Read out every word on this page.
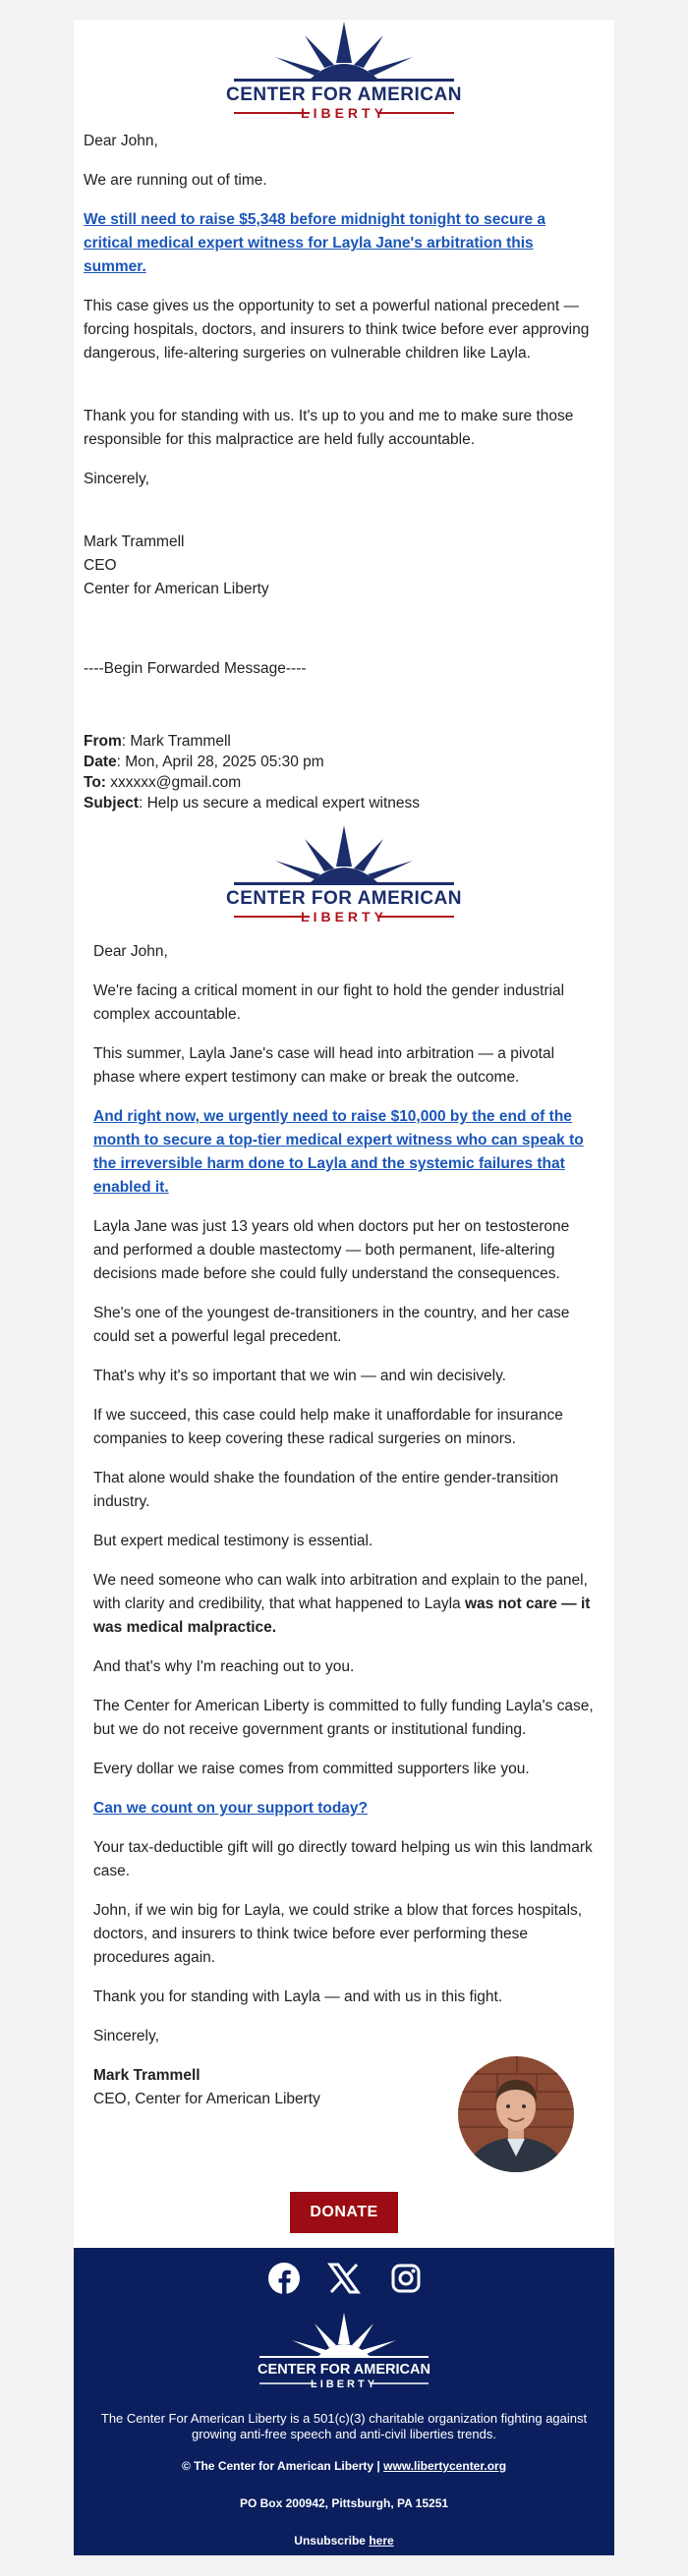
CENTER FOR AMERICAN
LIBERTY
Dear John,
We are running out of time.
We still need to raise $5,348 before midnight tonight to secure a critical medical expert witness for Layla Jane's arbitration this summer.
This case gives us the opportunity to set a powerful national precedent — forcing hospitals, doctors, and insurers to think twice before ever approving dangerous, life-altering surgeries on vulnerable children like Layla.
Thank you for standing with us. It's up to you and me to make sure those responsible for this malpractice are held fully accountable.
Sincerely,
Mark Trammell
CEO
Center for American Liberty
----Begin Forwarded Message----
From: Mark Trammell
Date: Mon, April 28, 2025 05:30 pm
To: xxxxxx@gmail.com
Subject: Help us secure a medical expert witness
CENTER FOR AMERICAN
LIBERTY
Dear John,
We're facing a critical moment in our fight to hold the gender industrial complex accountable.
This summer, Layla Jane's case will head into arbitration — a pivotal phase where expert testimony can make or break the outcome.
And right now, we urgently need to raise $10,000 by the end of the month to secure a top-tier medical expert witness who can speak to the irreversible harm done to Layla and the systemic failures that enabled it.
Layla Jane was just 13 years old when doctors put her on testosterone and performed a double mastectomy — both permanent, life-altering decisions made before she could fully understand the consequences.
She's one of the youngest de-transitioners in the country, and her case could set a powerful legal precedent.
That's why it's so important that we win — and win decisively.
If we succeed, this case could help make it unaffordable for insurance companies to keep covering these radical surgeries on minors.
That alone would shake the foundation of the entire gender-transition industry.
But expert medical testimony is essential.
We need someone who can walk into arbitration and explain to the panel, with clarity and credibility, that what happened to Layla was not care — it was medical malpractice.
And that's why I'm reaching out to you.
The Center for American Liberty is committed to fully funding Layla's case, but we do not receive government grants or institutional funding.
Every dollar we raise comes from committed supporters like you.
Can we count on your support today?
Your tax-deductible gift will go directly toward helping us win this landmark case.
John, if we win big for Layla, we could strike a blow that forces hospitals, doctors, and insurers to think twice before ever performing these procedures again.
Thank you for standing with Layla — and with us in this fight.
Sincerely,
Mark Trammell
CEO, Center for American Liberty
DONATE
CENTER FOR AMERICAN
LIBERTY
The Center For American Liberty is a 501(c)(3) charitable organization fighting against growing anti-free speech and anti-civil liberties trends.
© The Center for American Liberty | www.libertycenter.org
PO Box 200942, Pittsburgh, PA 15251
Unsubscribe here
